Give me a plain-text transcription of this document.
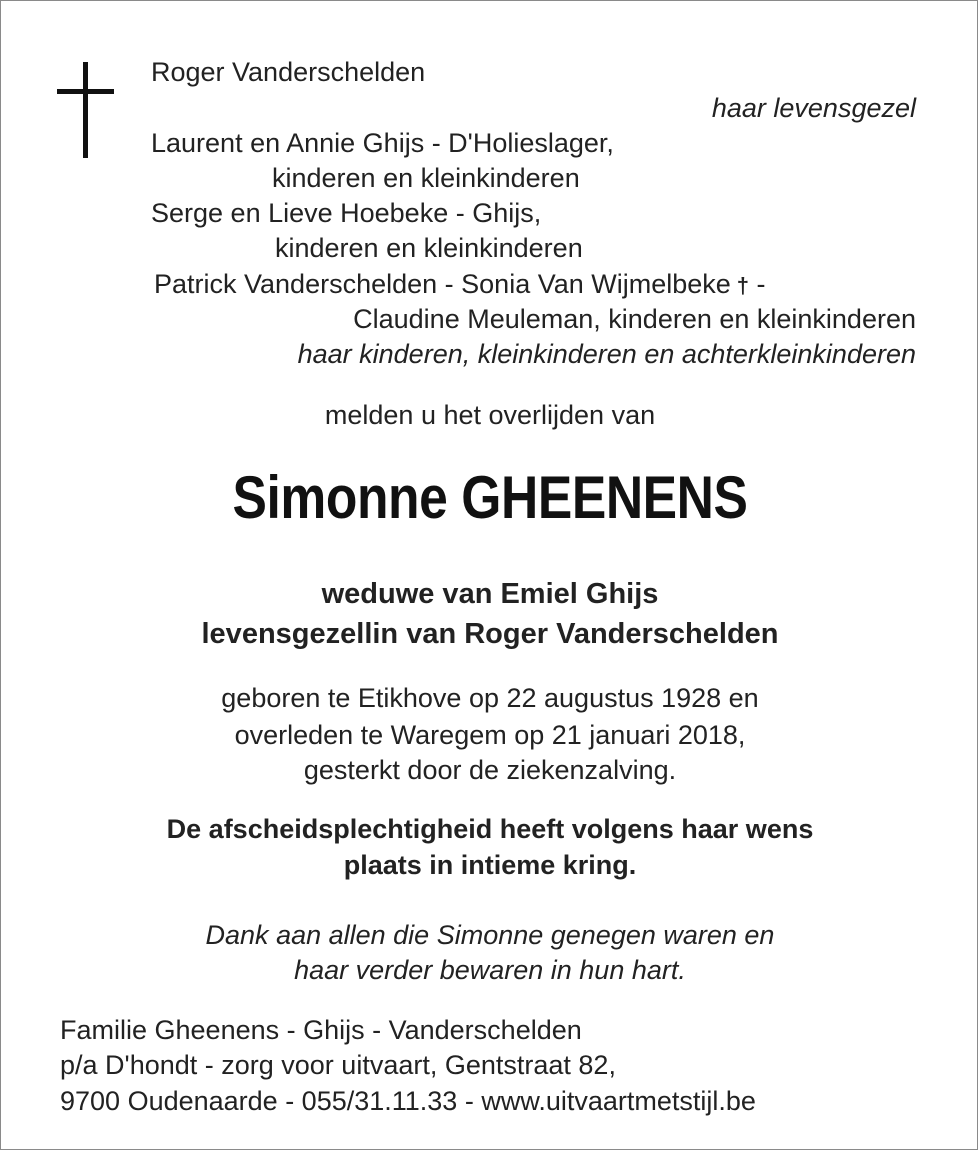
Roger Vanderschelden
haar levensgezel
Laurent en Annie Ghijs - D'Holieslager,
kinderen en kleinkinderen
Serge en Lieve Hoebeke - Ghijs,
kinderen en kleinkinderen
Patrick Vanderschelden - Sonia Van Wijmelbeke † -
Claudine Meuleman, kinderen en kleinkinderen
haar kinderen, kleinkinderen en achterkleinkinderen
melden u het overlijden van
Simonne GHEENENS
weduwe van Emiel Ghijs
levensgezellin van Roger Vanderschelden
geboren te Etikhove op 22 augustus 1928 en
overleden te Waregem op 21 januari 2018,
gesterkt door de ziekenzalving.
De afscheidsplechtigheid heeft volgens haar wens
plaats in intieme kring.
Dank aan allen die Simonne genegen waren en
haar verder bewaren in hun hart.
Familie Gheenens - Ghijs - Vanderschelden
p/a D'hondt - zorg voor uitvaart, Gentstraat 82,
9700 Oudenaarde - 055/31.11.33 - www.uitvaartmetstijl.be
